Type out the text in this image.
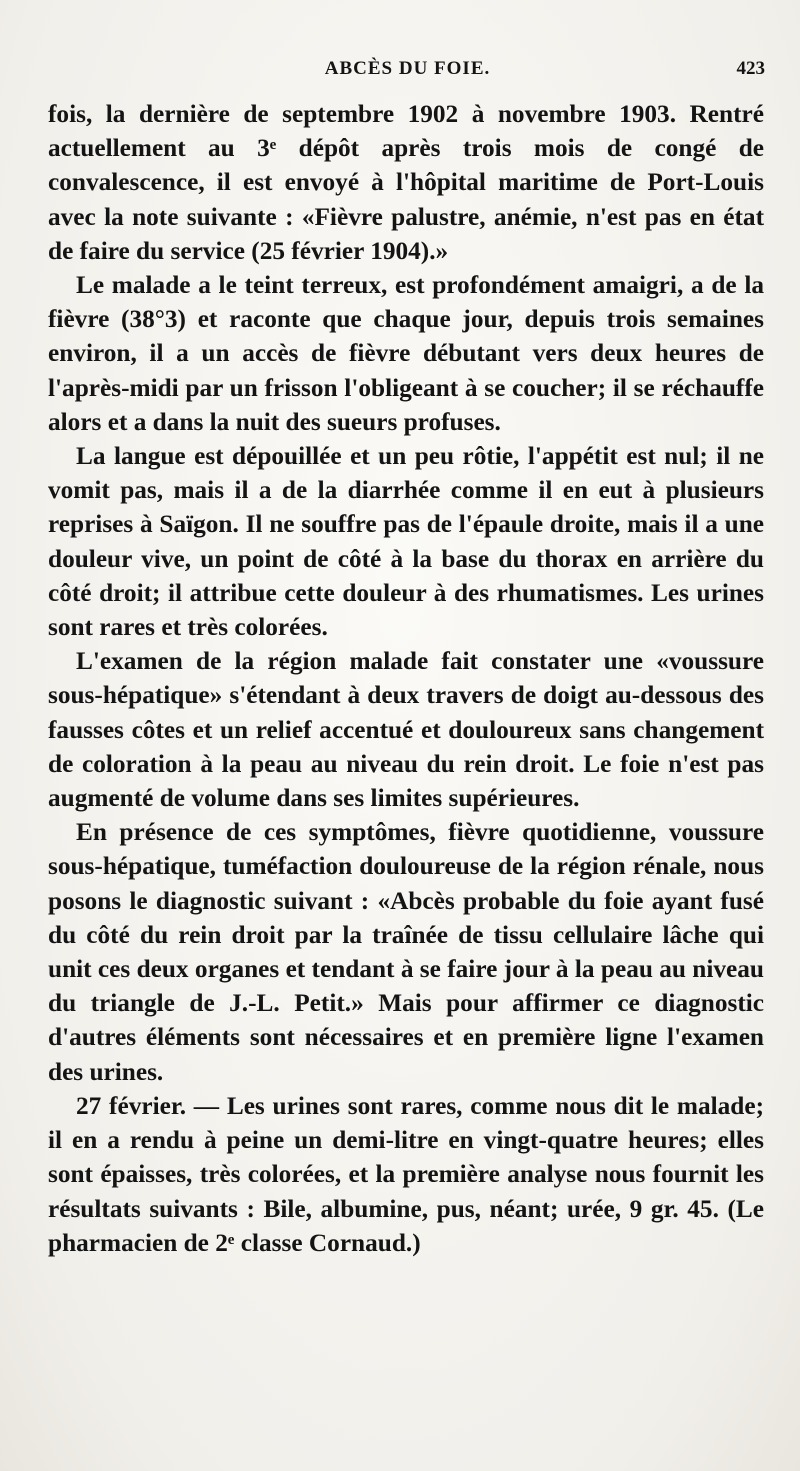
ABCÈS DU FOIE.	423

fois, la dernière de septembre 1902 à novembre 1903. Rentré actuellement au 3ᵉ dépôt après trois mois de congé de convalescence, il est envoyé à l'hôpital maritime de Port-Louis avec la note suivante : «Fièvre palustre, anémie, n'est pas en état de faire du service (25 février 1904).»

Le malade a le teint terreux, est profondément amaigri, a de la fièvre (38°3) et raconte que chaque jour, depuis trois semaines environ, il a un accès de fièvre débutant vers deux heures de l'après-midi par un frisson l'obligeant à se coucher; il se réchauffe alors et a dans la nuit des sueurs profuses.

La langue est dépouillée et un peu rôtie, l'appétit est nul; il ne vomit pas, mais il a de la diarrhée comme il en eut à plusieurs reprises à Saïgon. Il ne souffre pas de l'épaule droite, mais il a une douleur vive, un point de côté à la base du thorax en arrière du côté droit; il attribue cette douleur à des rhumatismes. Les urines sont rares et très colorées.

L'examen de la région malade fait constater une «voussure sous-hépatique» s'étendant à deux travers de doigt au-dessous des fausses côtes et un relief accentué et douloureux sans changement de coloration à la peau au niveau du rein droit. Le foie n'est pas augmenté de volume dans ses limites supérieures.

En présence de ces symptômes, fièvre quotidienne, voussure sous-hépatique, tuméfaction douloureuse de la région rénale, nous posons le diagnostic suivant : «Abcès probable du foie ayant fusé du côté du rein droit par la traînée de tissu cellulaire lâche qui unit ces deux organes et tendant à se faire jour à la peau au niveau du triangle de J.-L. Petit.» Mais pour affirmer ce diagnostic d'autres éléments sont nécessaires et en première ligne l'examen des urines.

27 février. — Les urines sont rares, comme nous dit le malade; il en a rendu à peine un demi-litre en vingt-quatre heures; elles sont épaisses, très colorées, et la première analyse nous fournit les résultats suivants : Bile, albumine, pus, néant; urée, 9 gr. 45. (Le pharmacien de 2ᵉ classe Cornaud.)
